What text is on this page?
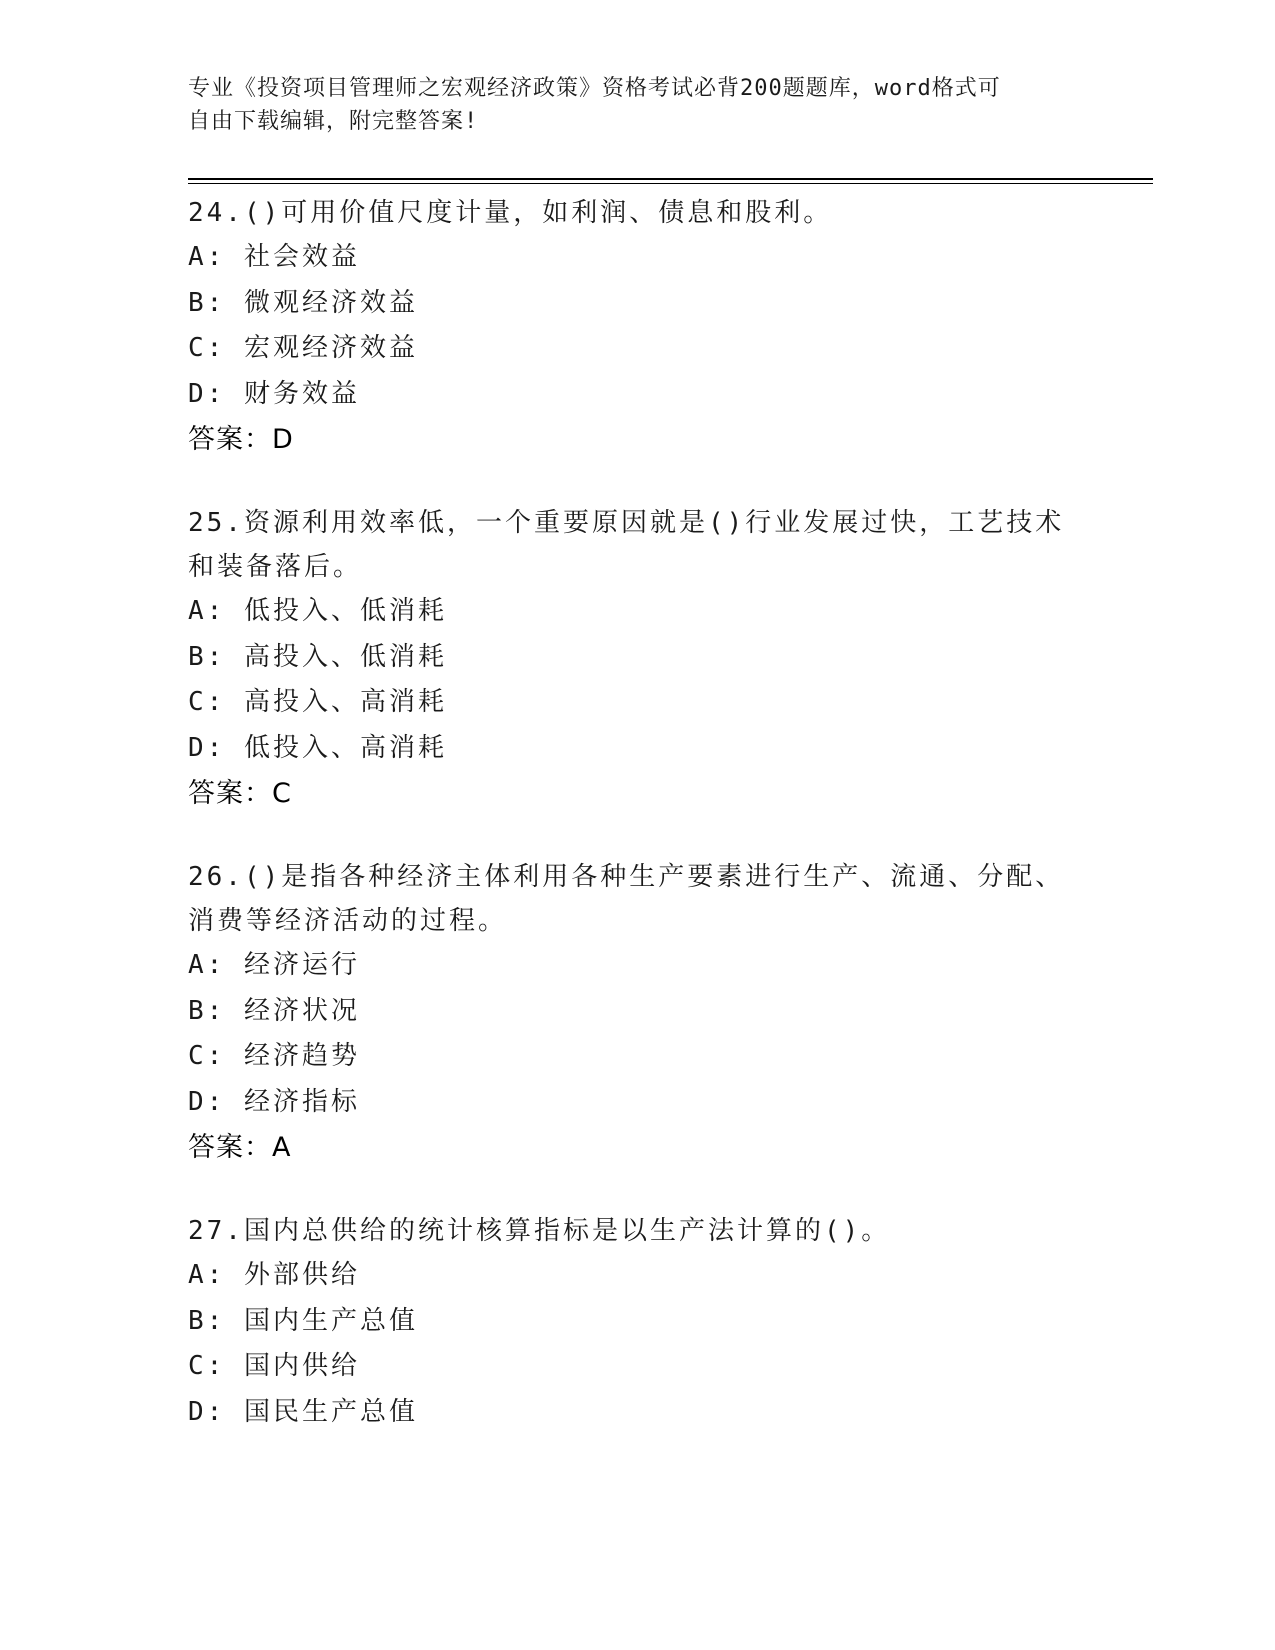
专业《投资项目管理师之宏观经济政策》资格考试必背200题题库，word格式可
自由下载编辑，附完整答案!
24.()可用价值尺度计量，如利润、债息和股利。
A: 社会效益
B: 微观经济效益
C: 宏观经济效益
D: 财务效益
答案：D
25.资源利用效率低，一个重要原因就是()行业发展过快，工艺技术和装备落后。
A: 低投入、低消耗
B: 高投入、低消耗
C: 高投入、高消耗
D: 低投入、高消耗
答案：C
26.()是指各种经济主体利用各种生产要素进行生产、流通、分配、消费等经济活动的过程。
A: 经济运行
B: 经济状况
C: 经济趋势
D: 经济指标
答案：A
27.国内总供给的统计核算指标是以生产法计算的()。
A: 外部供给
B: 国内生产总值
C: 国内供给
D: 国民生产总值
